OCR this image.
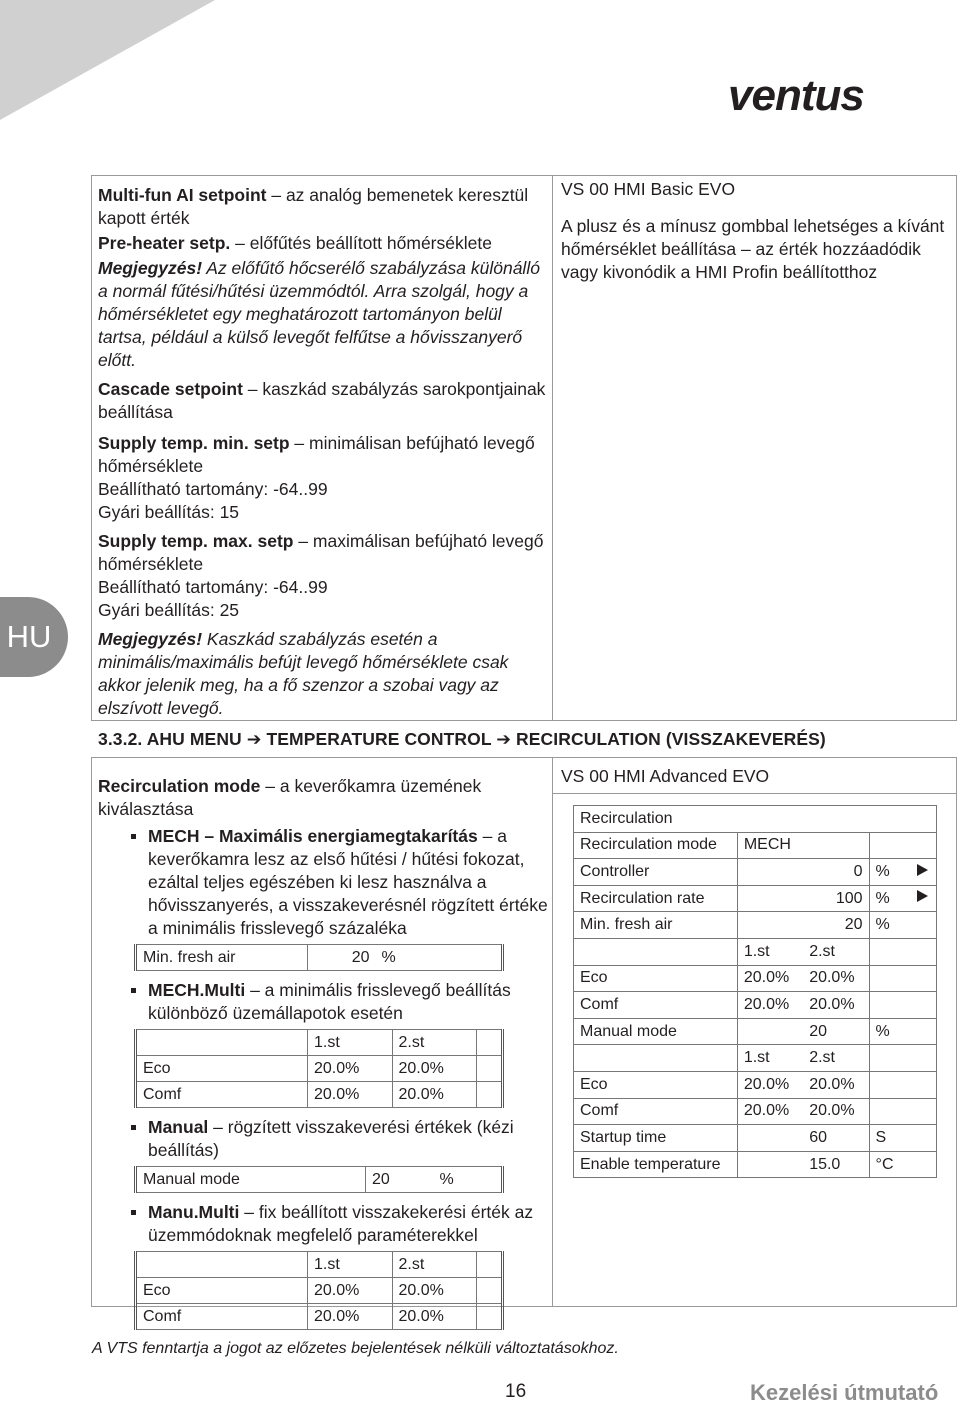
ventus
HU

Multi-fun AI setpoint – az analóg bemenetek keresztül kapott érték

Pre-heater setp. – előfűtés beállított hőmérséklete

Megjegyzés! Az előfűtő hőcserélő szabályzása különálló a normál fűtési/hűtési üzemmódtól. Arra szolgál, hogy a hőmérsékletet egy meghatározott tartományon belül tartsa, például a külső levegőt felfűtse a hővisszanyerő előtt.

Cascade setpoint – kaszkád szabályzás sarokpontjainak beállítása

Supply temp. min. setp – minimálisan befújható levegő hőmérséklete

Beállítható tartomány: -64..99

Gyári beállítás: 15

Supply temp. max. setp – maximálisan befújható levegő hőmérséklete

Beállítható tartomány: -64..99

Gyári beállítás: 25

Megjegyzés! Kaszkád szabályzás esetén a minimális/maximális befújt levegő hőmérséklete csak akkor jelenik meg, ha a fő szenzor a szobai vagy az elszívott levegő.

VS 00 HMI Basic EVO
A plusz és a mínusz gombbal lehetséges a kívánt hőmérséklet beállítása – az érték hozzáadódik vagy kivonódik a HMI Profin beállítotthoz
3.3.2. AHU MENU ➔ TEMPERATURE CONTROL ➔ RECIRCULATION (VISSZAKEVERÉS)

Recirculation mode – a keverőkamra üzemének kiválasztása

MECH – Maximális energiamegtakarítás – a keverőkamra lesz az első hűtési / hűtési fokozat, ezáltal teljes egészében ki lesz használva a hővisszanyerés, a visszakeverésnél rögzített értéke a minimális frisslevegő százaléka

Min. fresh air	20	%

MECH.Multi – a minimális frisslevegő beállítás különböző üzemállapotok esetén

	1.st	2.st	
Eco	20.0%	20.0%	
Comf	20.0%	20.0%	

Manual – rögzített visszakeverési értékek (kézi beállítás)

Manual mode	20	%

Manu.Multi – fix beállított visszakekerési érték az üzemmódoknak megfelelő paraméterekkel

	1.st	2.st	
Eco	20.0%	20.0%	
Comf	20.0%	20.0%	
VS 00 HMI Advanced EVO
Recirculation			
Recirculation mode	MECH		
Controller	0		%
Recirculation rate	100		%
Min. fresh air	20		%
	1.st	2.st	
Eco	20.0%	20.0%	
Comf	20.0%	20.0%	
Manual mode		20	%
	1.st	2.st	
Eco	20.0%	20.0%	
Comf	20.0%	20.0%	
Startup time		60	S
Enable temperature		15.0	°C
A VTS fenntartja a jogot az előzetes bejelentések nélküli változtatásokhoz.
16	Kezelési útmutató
